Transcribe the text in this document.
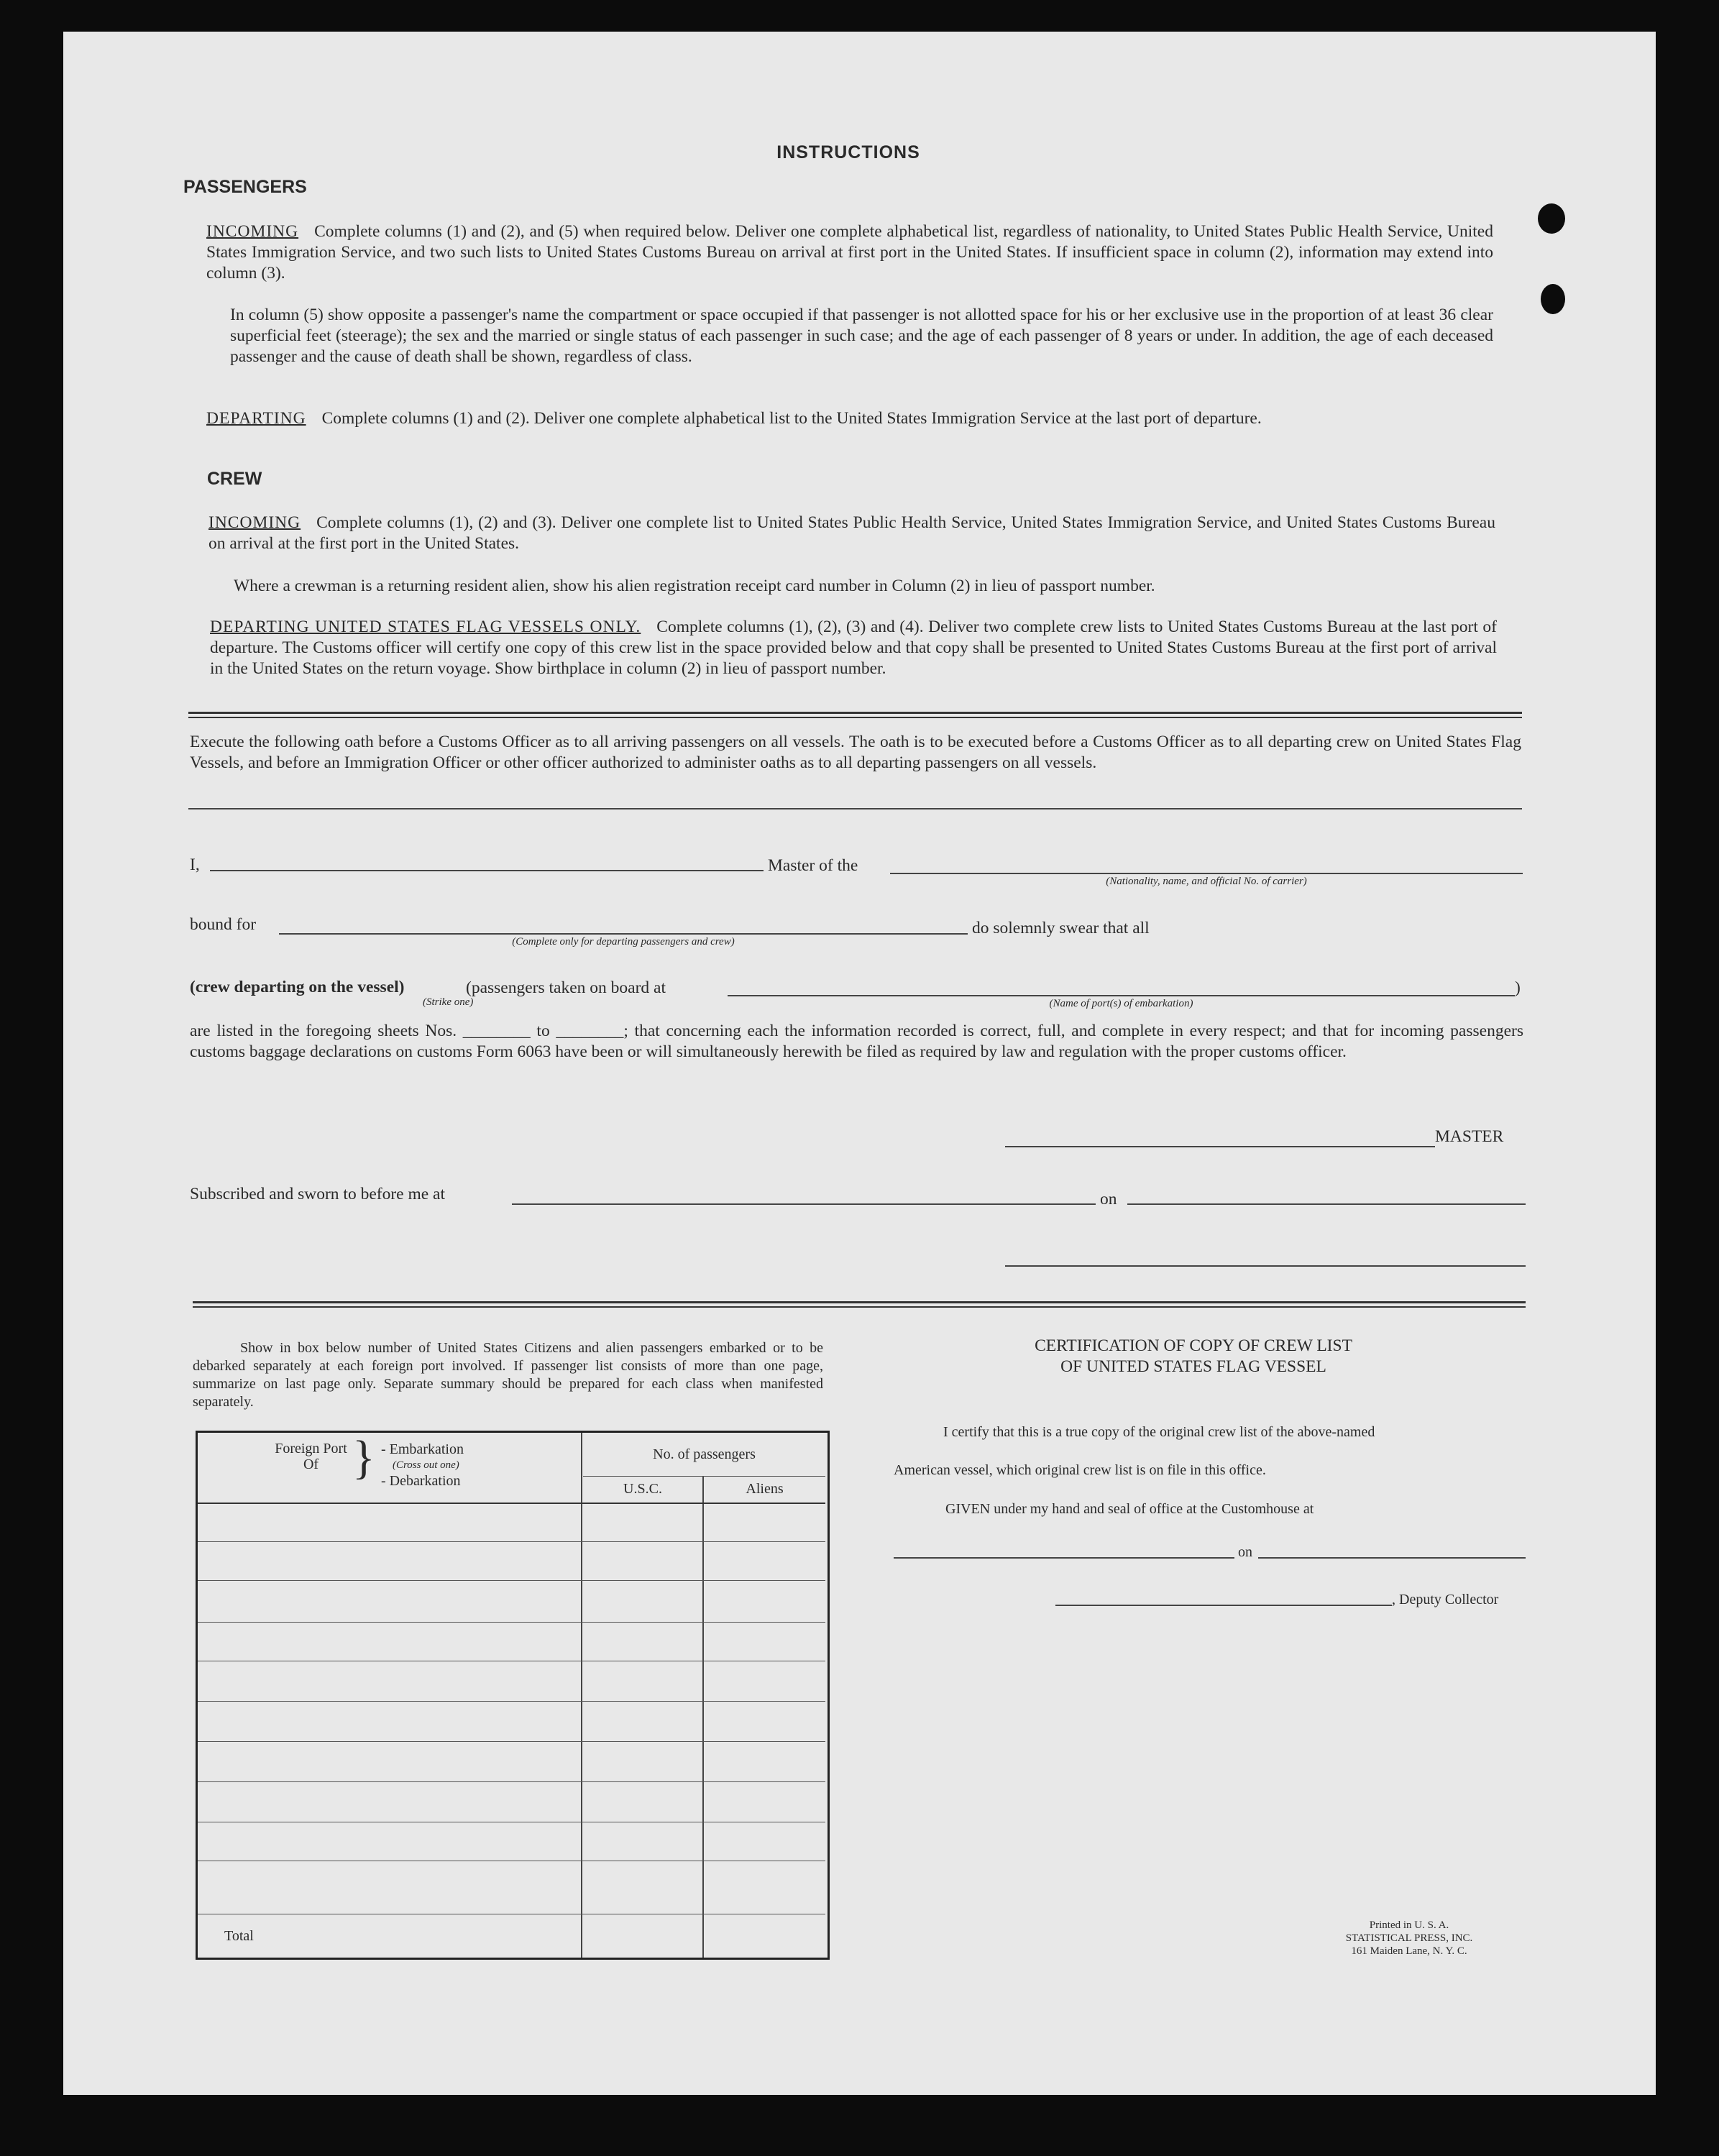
INSTRUCTIONS
PASSENGERS
INCOMING Complete columns (1) and (2), and (5) when required below. Deliver one complete alphabetical list, regardless of nationality, to United States Public Health Service, United States Immigration Service, and two such lists to United States Customs Bureau on arrival at first port in the United States. If insufficient space in column (2), information may extend into column (3).
In column (5) show opposite a passenger's name the compartment or space occupied if that passenger is not allotted space for his or her exclusive use in the proportion of at least 36 clear superficial feet (steerage); the sex and the married or single status of each passenger in such case; and the age of each passenger of 8 years or under. In addition, the age of each deceased passenger and the cause of death shall be shown, regardless of class.
DEPARTING Complete columns (1) and (2). Deliver one complete alphabetical list to the United States Immigration Service at the last port of departure.
CREW
INCOMING Complete columns (1), (2) and (3). Deliver one complete list to United States Public Health Service, United States Immigration Service, and United States Customs Bureau on arrival at the first port in the United States.
Where a crewman is a returning resident alien, show his alien registration receipt card number in Column (2) in lieu of passport number.
DEPARTING UNITED STATES FLAG VESSELS ONLY. Complete columns (1), (2), (3) and (4). Deliver two complete crew lists to United States Customs Bureau at the last port of departure. The Customs officer will certify one copy of this crew list in the space provided below and that copy shall be presented to United States Customs Bureau at the first port of arrival in the United States on the return voyage. Show birthplace in column (2) in lieu of passport number.
Execute the following oath before a Customs Officer as to all arriving passengers on all vessels. The oath is to be executed before a Customs Officer as to all departing crew on United States Flag Vessels, and before an Immigration Officer or other officer authorized to administer oaths as to all departing passengers on all vessels.
I,	Master of the
(Nationality, name, and official No. of carrier)
bound for
(Complete only for departing passengers and crew)
do solemnly swear that all
(crew departing on the vessel)
(Strike one)
(passengers taken on board at	)
(Name of port(s) of embarkation)
are listed in the foregoing sheets Nos. ________ to ________; that concerning each the information recorded is correct, full, and complete in every respect; and that for incoming passengers customs baggage declarations on customs Form 6063 have been or will simultaneously herewith be filed as required by law and regulation with the proper customs officer.
MASTER
Subscribed and sworn to before me at	on
Show in box below number of United States Citizens and alien passengers embarked or to be debarked separately at each foreign port involved. If passenger list consists of more than one page, summarize on last page only. Separate summary should be prepared for each class when manifested separately.
Foreign Port Of } - Embarkation
(Cross out one)
- Debarkation
No. of passengers
U.S.C.	Aliens
Total
CERTIFICATION OF COPY OF CREW LIST
OF UNITED STATES FLAG VESSEL
I certify that this is a true copy of the original crew list of the above-named
American vessel, which original crew list is on file in this office.
GIVEN under my hand and seal of office at the Customhouse at
on
, Deputy Collector
Printed in U. S. A.
STATISTICAL PRESS, INC.
161 Maiden Lane, N. Y. C.
